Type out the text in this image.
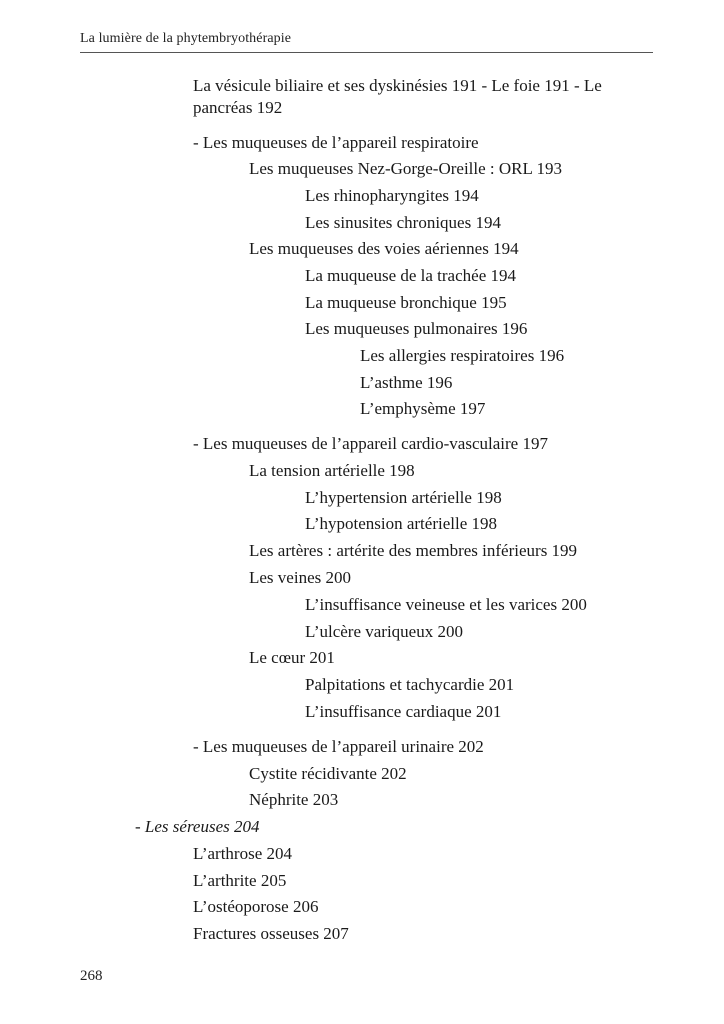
La lumière de la phytembryothérapie
La vésicule biliaire et ses dyskinésies 191 - Le foie 191 - Le
pancréas 192
- Les muqueuses de l’appareil respiratoire
Les muqueuses Nez-Gorge-Oreille : ORL 193
Les rhinopharyngites 194
Les sinusites chroniques 194
Les muqueuses des voies aériennes 194
La muqueuse de la trachée 194
La muqueuse bronchique 195
Les muqueuses pulmonaires 196
Les allergies respiratoires 196
L’asthme 196
L’emphysème 197
- Les muqueuses de l’appareil cardio-vasculaire 197
La tension artérielle 198
L’hypertension artérielle 198
L’hypotension artérielle 198
Les artères : artérite des membres inférieurs 199
Les veines 200
L’insuffisance veineuse et les varices 200
L’ulcère variqueux 200
Le cœur 201
Palpitations et tachycardie 201
L’insuffisance cardiaque 201
- Les muqueuses de l’appareil urinaire 202
Cystite récidivante 202
Néphrite 203
- Les séreuses 204
L’arthrose 204
L’arthrite 205
L’ostéoporose 206
Fractures osseuses 207
268
